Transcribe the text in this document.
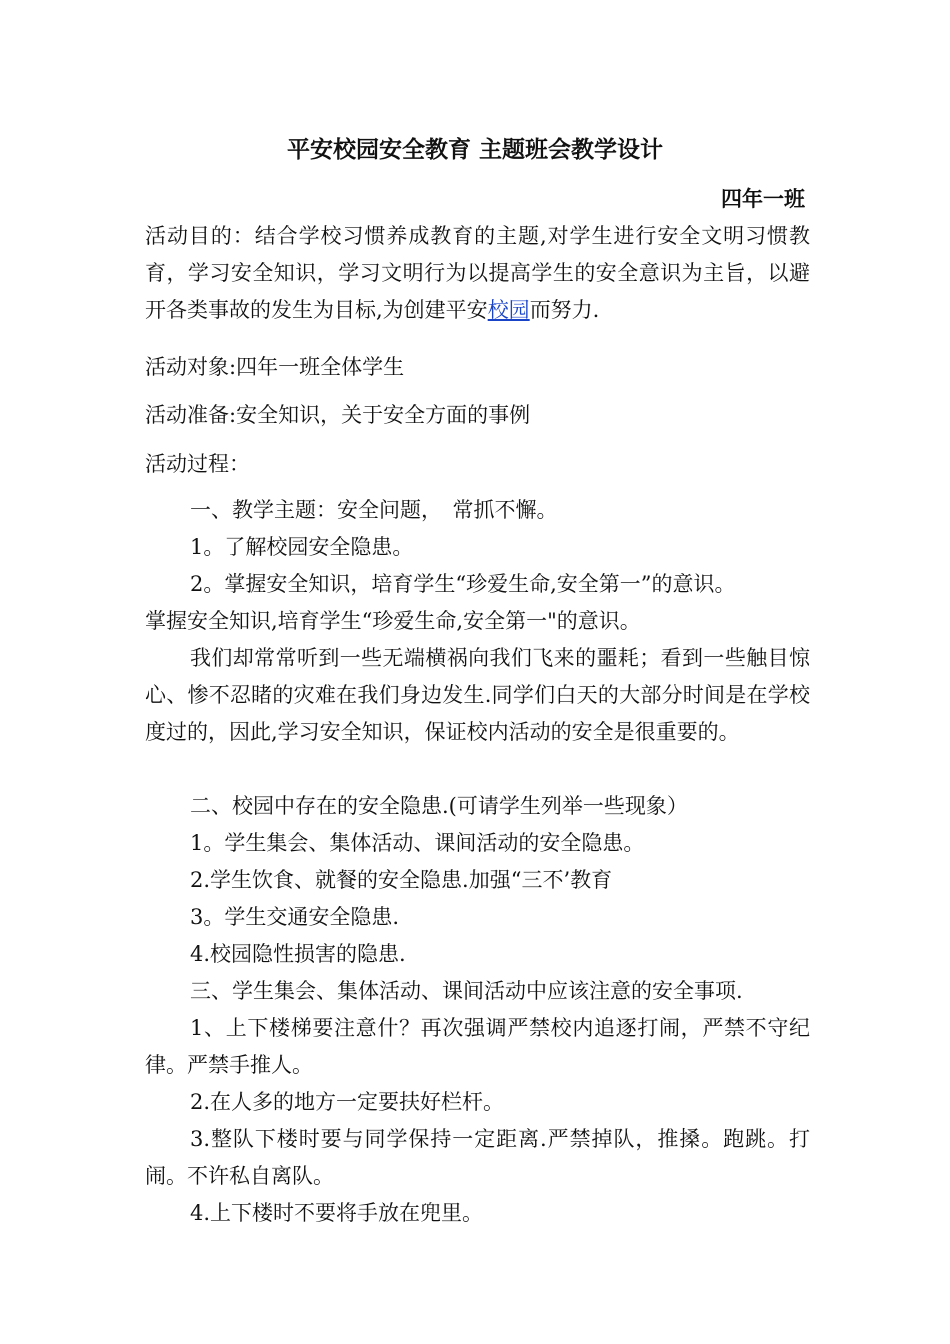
平安校园安全教育 主题班会教学设计
四年一班
活动目的：结合学校习惯养成教育的主题,对学生进行安全文明习惯教育，学习安全知识，学习文明行为以提高学生的安全意识为主旨，以避开各类事故的发生为目标,为创建平安校园而努力.
活动对象:四年一班全体学生
活动准备:安全知识，关于安全方面的事例
活动过程：
一、教学主题：安全问题，　常抓不懈。
1。了解校园安全隐患。
2。掌握安全知识，培育学生“珍爱生命,安全第一”的意识。
掌握安全知识,培育学生“珍爱生命,安全第一"的意识。
我们却常常听到一些无端横祸向我们飞来的噩耗；看到一些触目惊心、惨不忍睹的灾难在我们身边发生.同学们白天的大部分时间是在学校度过的，因此,学习安全知识，保证校内活动的安全是很重要的。
二、校园中存在的安全隐患.(可请学生列举一些现象）
1。学生集会、集体活动、课间活动的安全隐患。
2.学生饮食、就餐的安全隐患.加强“三不’教育
3。学生交通安全隐患.
4.校园隐性损害的隐患.
三、学生集会、集体活动、课间活动中应该注意的安全事项.
1、上下楼梯要注意什？再次强调严禁校内追逐打闹，严禁不守纪律。严禁手推人。
2.在人多的地方一定要扶好栏杆。
3.整队下楼时要与同学保持一定距离.严禁掉队，推搡。跑跳。打闹。不许私自离队。
4.上下楼时不要将手放在兜里。
